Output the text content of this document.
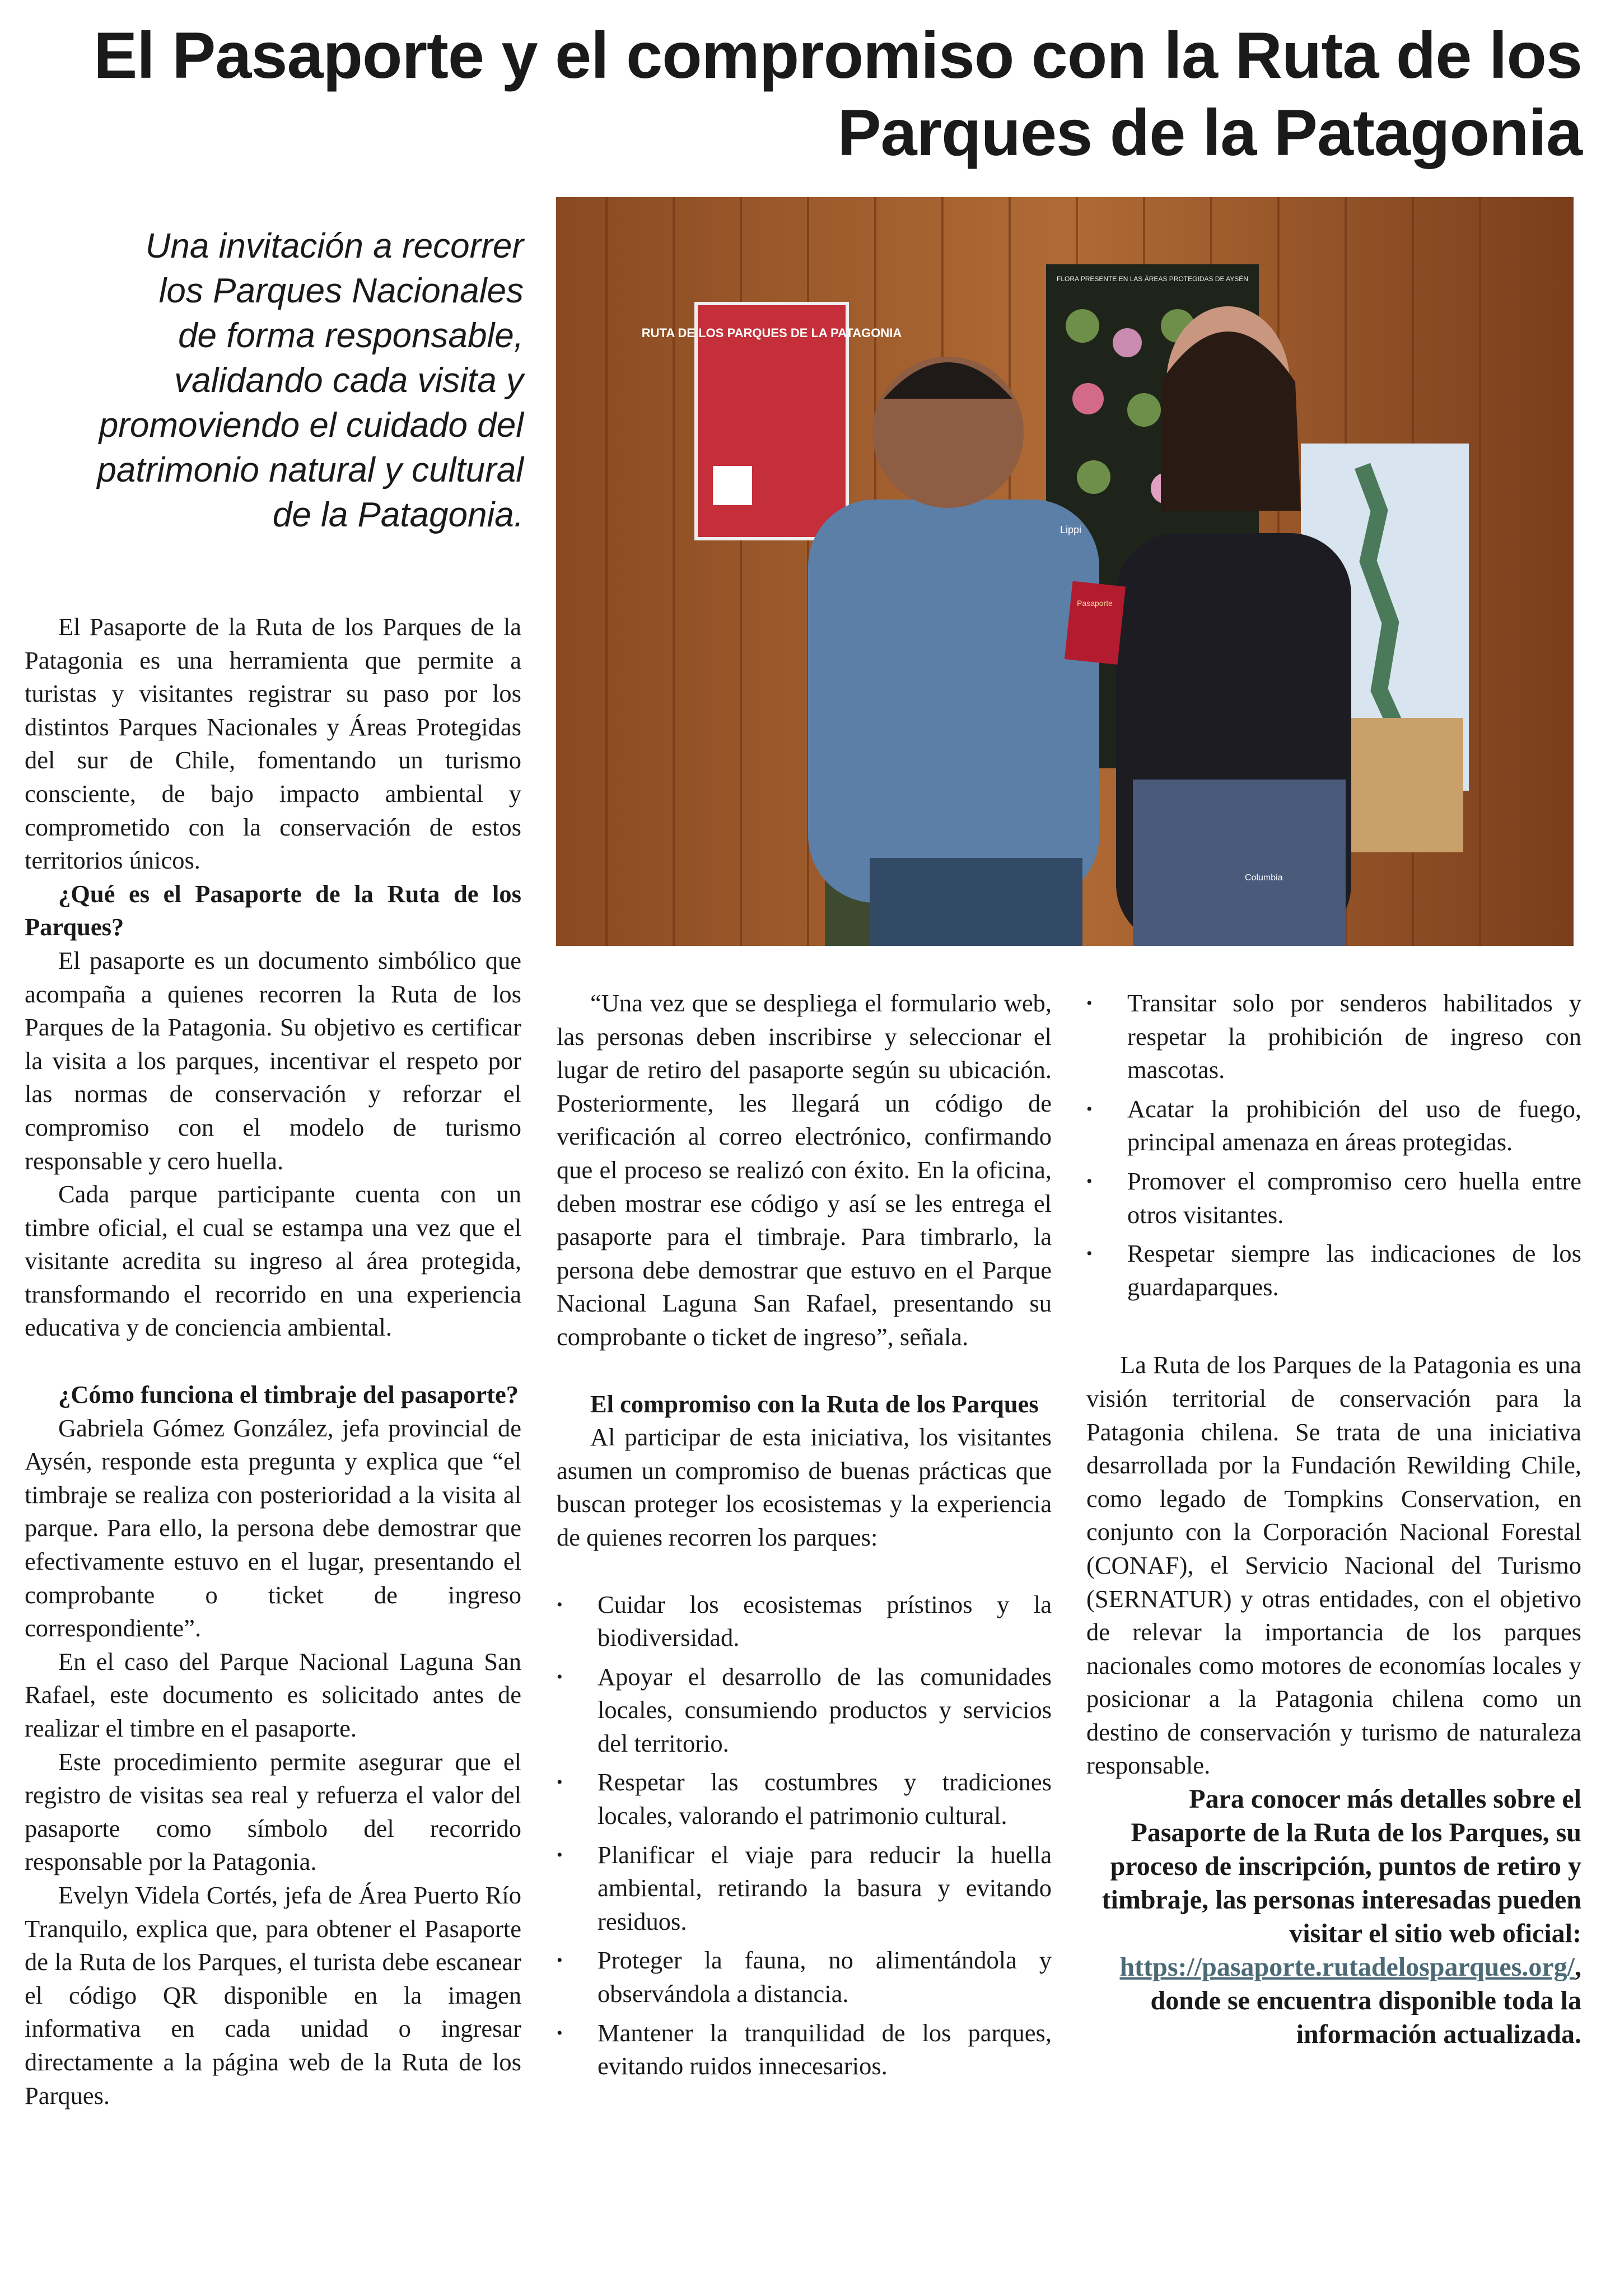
El Pasaporte y el compromiso con la Ruta de los
Parques de la Patagonia
Una invitación a recorrer
los Parques Nacionales
de forma responsable,
validando cada visita y
promoviendo el cuidado del
patrimonio natural y cultural
de la Patagonia.
RUTA DE LOS PARQUES DE LA PATAGONIA
FLORA PRESENTE EN LAS ÁREAS PROTEGIDAS DE AYSÉN
Lippi
Columbia
Pasaporte

El Pasaporte de la Ruta de los Parques de la Patagonia es una herramienta que permite a turistas y visitantes registrar su paso por los distintos Parques Nacionales y Áreas Protegidas del sur de Chile, fomentando un turismo consciente, de bajo impacto ambiental y comprometido con la conservación de estos territorios únicos.

¿Qué es el Pasaporte de la Ruta de los Parques?

El pasaporte es un documento simbólico que acompaña a quienes recorren la Ruta de los Parques de la Patagonia. Su objetivo es certificar la visita a los parques, incentivar el respeto por las normas de conservación y reforzar el compromiso con el modelo de turismo responsable y cero huella.

Cada parque participante cuenta con un timbre oficial, el cual se estampa una vez que el visitante acredita su ingreso al área protegida, transformando el recorrido en una experiencia educativa y de conciencia ambiental.

¿Cómo funciona el timbraje del pasaporte?

Gabriela Gómez González, jefa provincial de Aysén, responde esta pregunta y explica que “el timbraje se realiza con posterioridad a la visita al parque. Para ello, la persona debe demostrar que efectivamente estuvo en el lugar, presentando el comprobante o ticket de ingreso correspondiente”.

En el caso del Parque Nacional Laguna San Rafael, este documento es solicitado antes de realizar el timbre en el pasaporte.

Este procedimiento permite asegurar que el registro de visitas sea real y refuerza el valor del pasaporte como símbolo del recorrido responsable por la Patagonia.

Evelyn Videla Cortés, jefa de Área Puerto Río Tranquilo, explica que, para obtener el Pasaporte de la Ruta de los Parques, el turista debe escanear el código QR disponible en la imagen informativa en cada unidad o ingresar directamente a la página web de la Ruta de los Parques.

“Una vez que se despliega el formulario web, las personas deben inscribirse y seleccionar el lugar de retiro del pasaporte según su ubicación. Posteriormente, les llegará un código de verificación al correo electrónico, confirmando que el proceso se realizó con éxito. En la oficina, deben mostrar ese código y así se les entrega el pasaporte para el timbraje. Para timbrarlo, la persona debe demostrar que estuvo en el Parque Nacional Laguna San Rafael, presentando su comprobante o ticket de ingreso”, señala.

El compromiso con la Ruta de los Parques

Al participar de esta iniciativa, los visitantes asumen un compromiso de buenas prácticas que buscan proteger los ecosistemas y la experiencia de quienes recorren los parques:

• Cuidar los ecosistemas prístinos y la biodiversidad.
• Apoyar el desarrollo de las comunidades locales, consumiendo productos y servicios del territorio.
• Respetar las costumbres y tradiciones locales, valorando el patrimonio cultural.
• Planificar el viaje para reducir la huella ambiental, retirando la basura y evitando residuos.
• Proteger la fauna, no alimentándola y observándola a distancia.
• Mantener la tranquilidad de los parques, evitando ruidos innecesarios.
• Transitar solo por senderos habilitados y respetar la prohibición de ingreso con mascotas.
• Acatar la prohibición del uso de fuego, principal amenaza en áreas protegidas.
• Promover el compromiso cero huella entre otros visitantes.
• Respetar siempre las indicaciones de los guardaparques.

La Ruta de los Parques de la Patagonia es una visión territorial de conservación para la Patagonia chilena. Se trata de una iniciativa desarrollada por la Fundación Rewilding Chile, como legado de Tompkins Conservation, en conjunto con la Corporación Nacional Forestal (CONAF), el Servicio Nacional del Turismo (SERNATUR) y otras entidades, con el objetivo de relevar la importancia de los parques nacionales como motores de economías locales y posicionar a la Patagonia chilena como un destino de conservación y turismo de naturaleza responsable.

Para conocer más detalles sobre el Pasaporte de la Ruta de los Parques, su proceso de inscripción, puntos de retiro y timbraje, las personas interesadas pueden visitar el sitio web oficial: https://pasaporte.rutadelosparques.org/, donde se encuentra disponible toda la información actualizada.
